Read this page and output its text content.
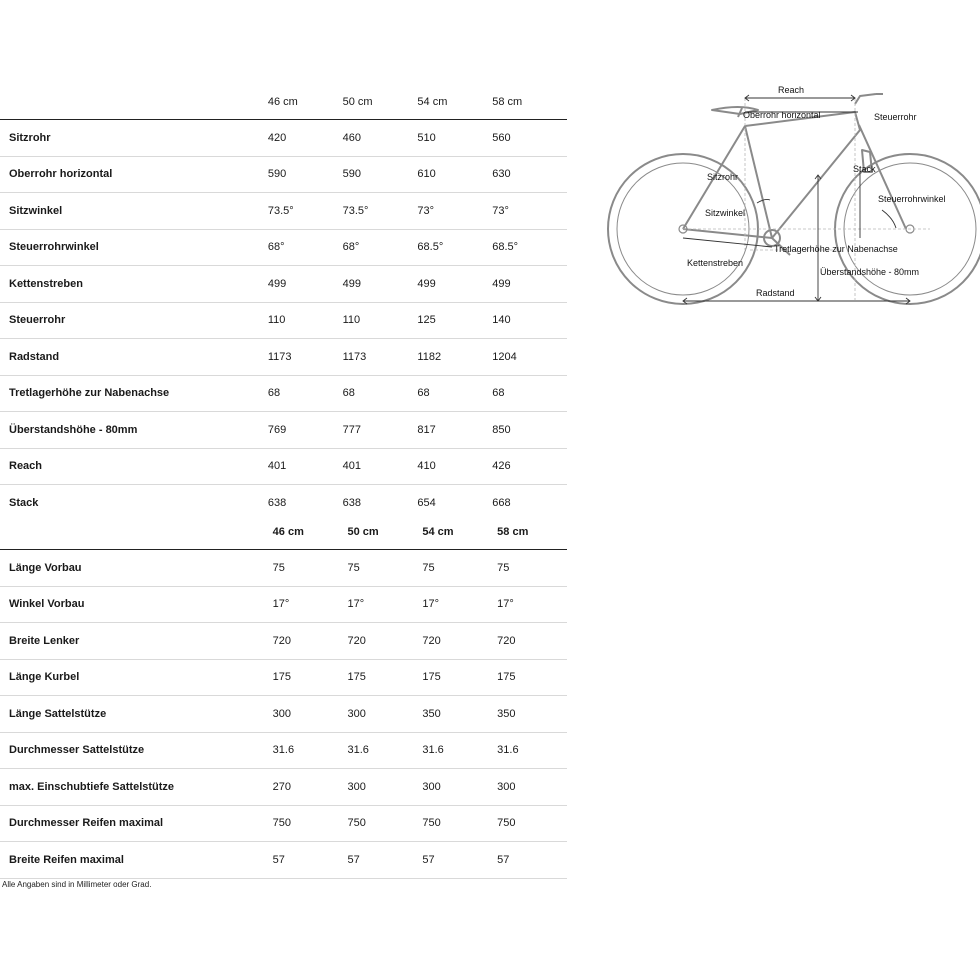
46 cm	50 cm	54 cm	58 cm
Sitzrohr	420	460	510	560
Oberrohr horizontal	590	590	610	630
Sitzwinkel	73.5°	73.5°	73°	73°
Steuerrohrwinkel	68°	68°	68.5°	68.5°
Kettenstreben	499	499	499	499
Steuerrohr	110	110	125	140
Radstand	1173	1173	1182	1204
Tretlagerhöhe zur Nabenachse	68	68	68	68
Überstandshöhe - 80mm	769	777	817	850
Reach	401	401	410	426
Stack	638	638	654	668
46 cm	50 cm	54 cm	58 cm
Länge Vorbau	75	75	75	75
Winkel Vorbau	17°	17°	17°	17°
Breite Lenker	720	720	720	720
Länge Kurbel	175	175	175	175
Länge Sattelstütze	300	300	350	350
Durchmesser Sattelstütze	31.6	31.6	31.6	31.6
max. Einschubtiefe Sattelstütze	270	300	300	300
Durchmesser Reifen maximal	750	750	750	750
Breite Reifen maximal	57	57	57	57
Alle Angaben sind in Millimeter oder Grad.
Reach
Oberrohr horizontal	Steuerrohr
Sitzrohr
Stack
Steuerrohrwinkel
Sitzwinkel
Tretlagerhöhe zur Nabenachse
Kettenstreben
Überstandshöhe - 80mm
Radstand
